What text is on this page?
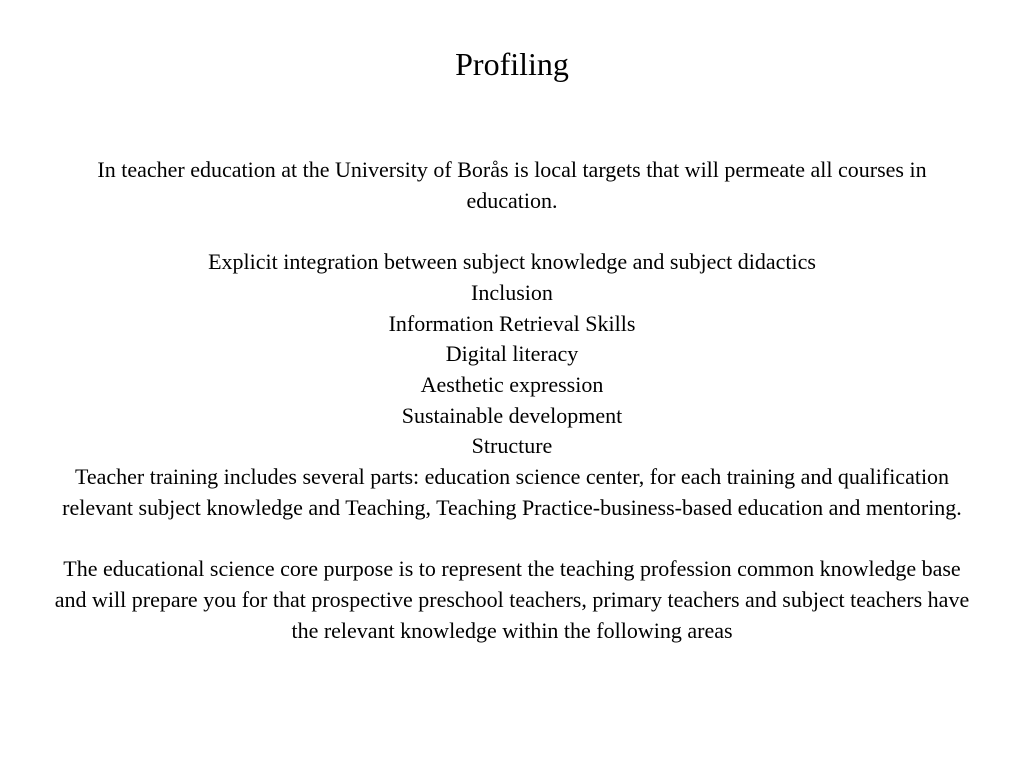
Profiling

In teacher education at the University of Borås is local targets that will permeate all courses in education.

Explicit integration between subject knowledge and subject didactics

Inclusion

Information Retrieval Skills

Digital literacy

Aesthetic expression

Sustainable development

Structure

Teacher training includes several parts: education science center, for each training and qualification relevant subject knowledge and Teaching, Teaching Practice-business-based education and mentoring.

The educational science core purpose is to represent the teaching profession common knowledge base and will prepare you for that prospective preschool teachers, primary teachers and subject teachers have the relevant knowledge within the following areas
